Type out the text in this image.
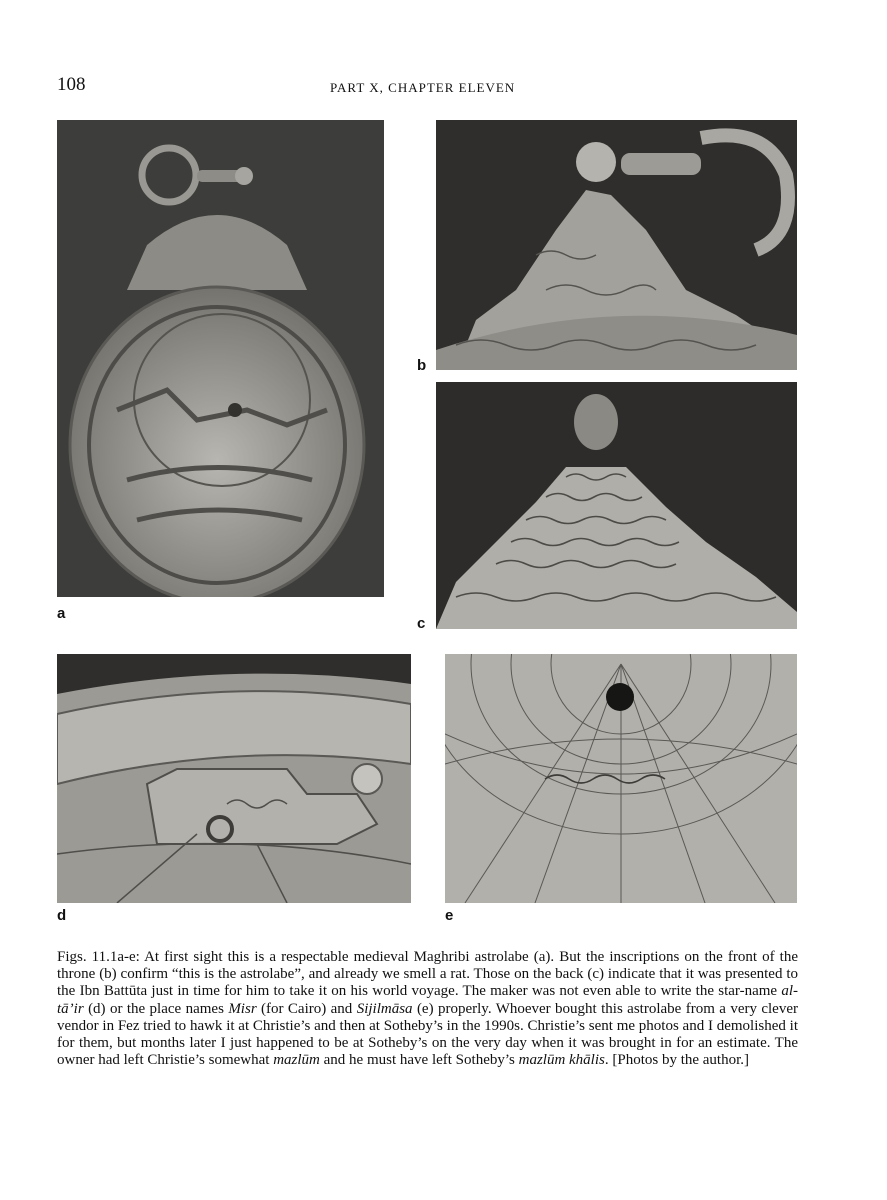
108	PART X, CHAPTER ELEVEN
a
b
c
d	e
Figs. 11.1a-e: At first sight this is a respectable medieval Maghribi astrolabe (a). But the inscriptions on the front of the throne (b) confirm “this is the astrolabe”, and already we smell a rat. Those on the back (c) indicate that it was presented to the Ibn Battūta just in time for him to take it on his world voyage. The maker was not even able to write the star-name al-tā’ir (d) or the place names Misr (for Cairo) and Sijilmāsa (e) properly. Whoever bought this astrolabe from a very clever vendor in Fez tried to hawk it at Christie’s and then at Sotheby’s in the 1990s. Christie’s sent me photos and I demolished it for them, but months later I just happened to be at Sotheby’s on the very day when it was brought in for an estimate. The owner had left Christie’s somewhat mazlūm and he must have left Sotheby’s mazlūm khālis. [Photos by the author.]
